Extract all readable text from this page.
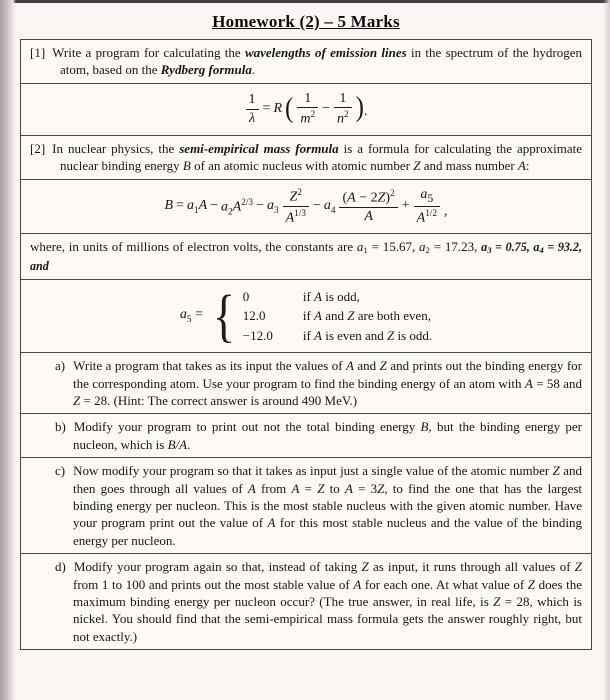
Homework (2) – 5 Marks
[1] Write a program for calculating the wavelengths of emission lines in the spectrum of the hydrogen atom, based on the Rydberg formula.
$\frac{1}{\lambda} = R$ ( $\frac{1}{m^2} - \frac{1}{n^2}$ ).
[2] In nuclear physics, the semi-empirical mass formula is a formula for calculating the approximate nuclear binding energy B of an atomic nucleus with atomic number Z and mass number A:
$B = a_1A - a_2A^{2/3} - a_3 \frac{Z^2}{A^{1/3}} - a_4 \frac{(A - 2Z)^2}{A} + \frac{a_5}{A^{1/2}}$ ,
where, in units of millions of electron volts, the constants are a1 = 15.67, a2 = 17.23, a3 = 0.75, a4 = 93.2, and
$a_5$ = { 0	if A is odd,
12.0	if A and Z are both even,
−12.0	if A is even and Z is odd.
a) Write a program that takes as its input the values of A and Z and prints out the binding energy for the corresponding atom. Use your program to find the binding energy of an atom with A = 58 and Z = 28. (Hint: The correct answer is around 490 MeV.)
b) Modify your program to print out not the total binding energy B, but the binding energy per nucleon, which is B/A.
c) Now modify your program so that it takes as input just a single value of the atomic number Z and then goes through all values of A from A = Z to A = 3Z, to find the one that has the largest binding energy per nucleon. This is the most stable nucleus with the given atomic number. Have your program print out the value of A for this most stable nucleus and the value of the binding energy per nucleon.
d) Modify your program again so that, instead of taking Z as input, it runs through all values of Z from 1 to 100 and prints out the most stable value of A for each one. At what value of Z does the maximum binding energy per nucleon occur? (The true answer, in real life, is Z = 28, which is nickel. You should find that the semi-empirical mass formula gets the answer roughly right, but not exactly.)
